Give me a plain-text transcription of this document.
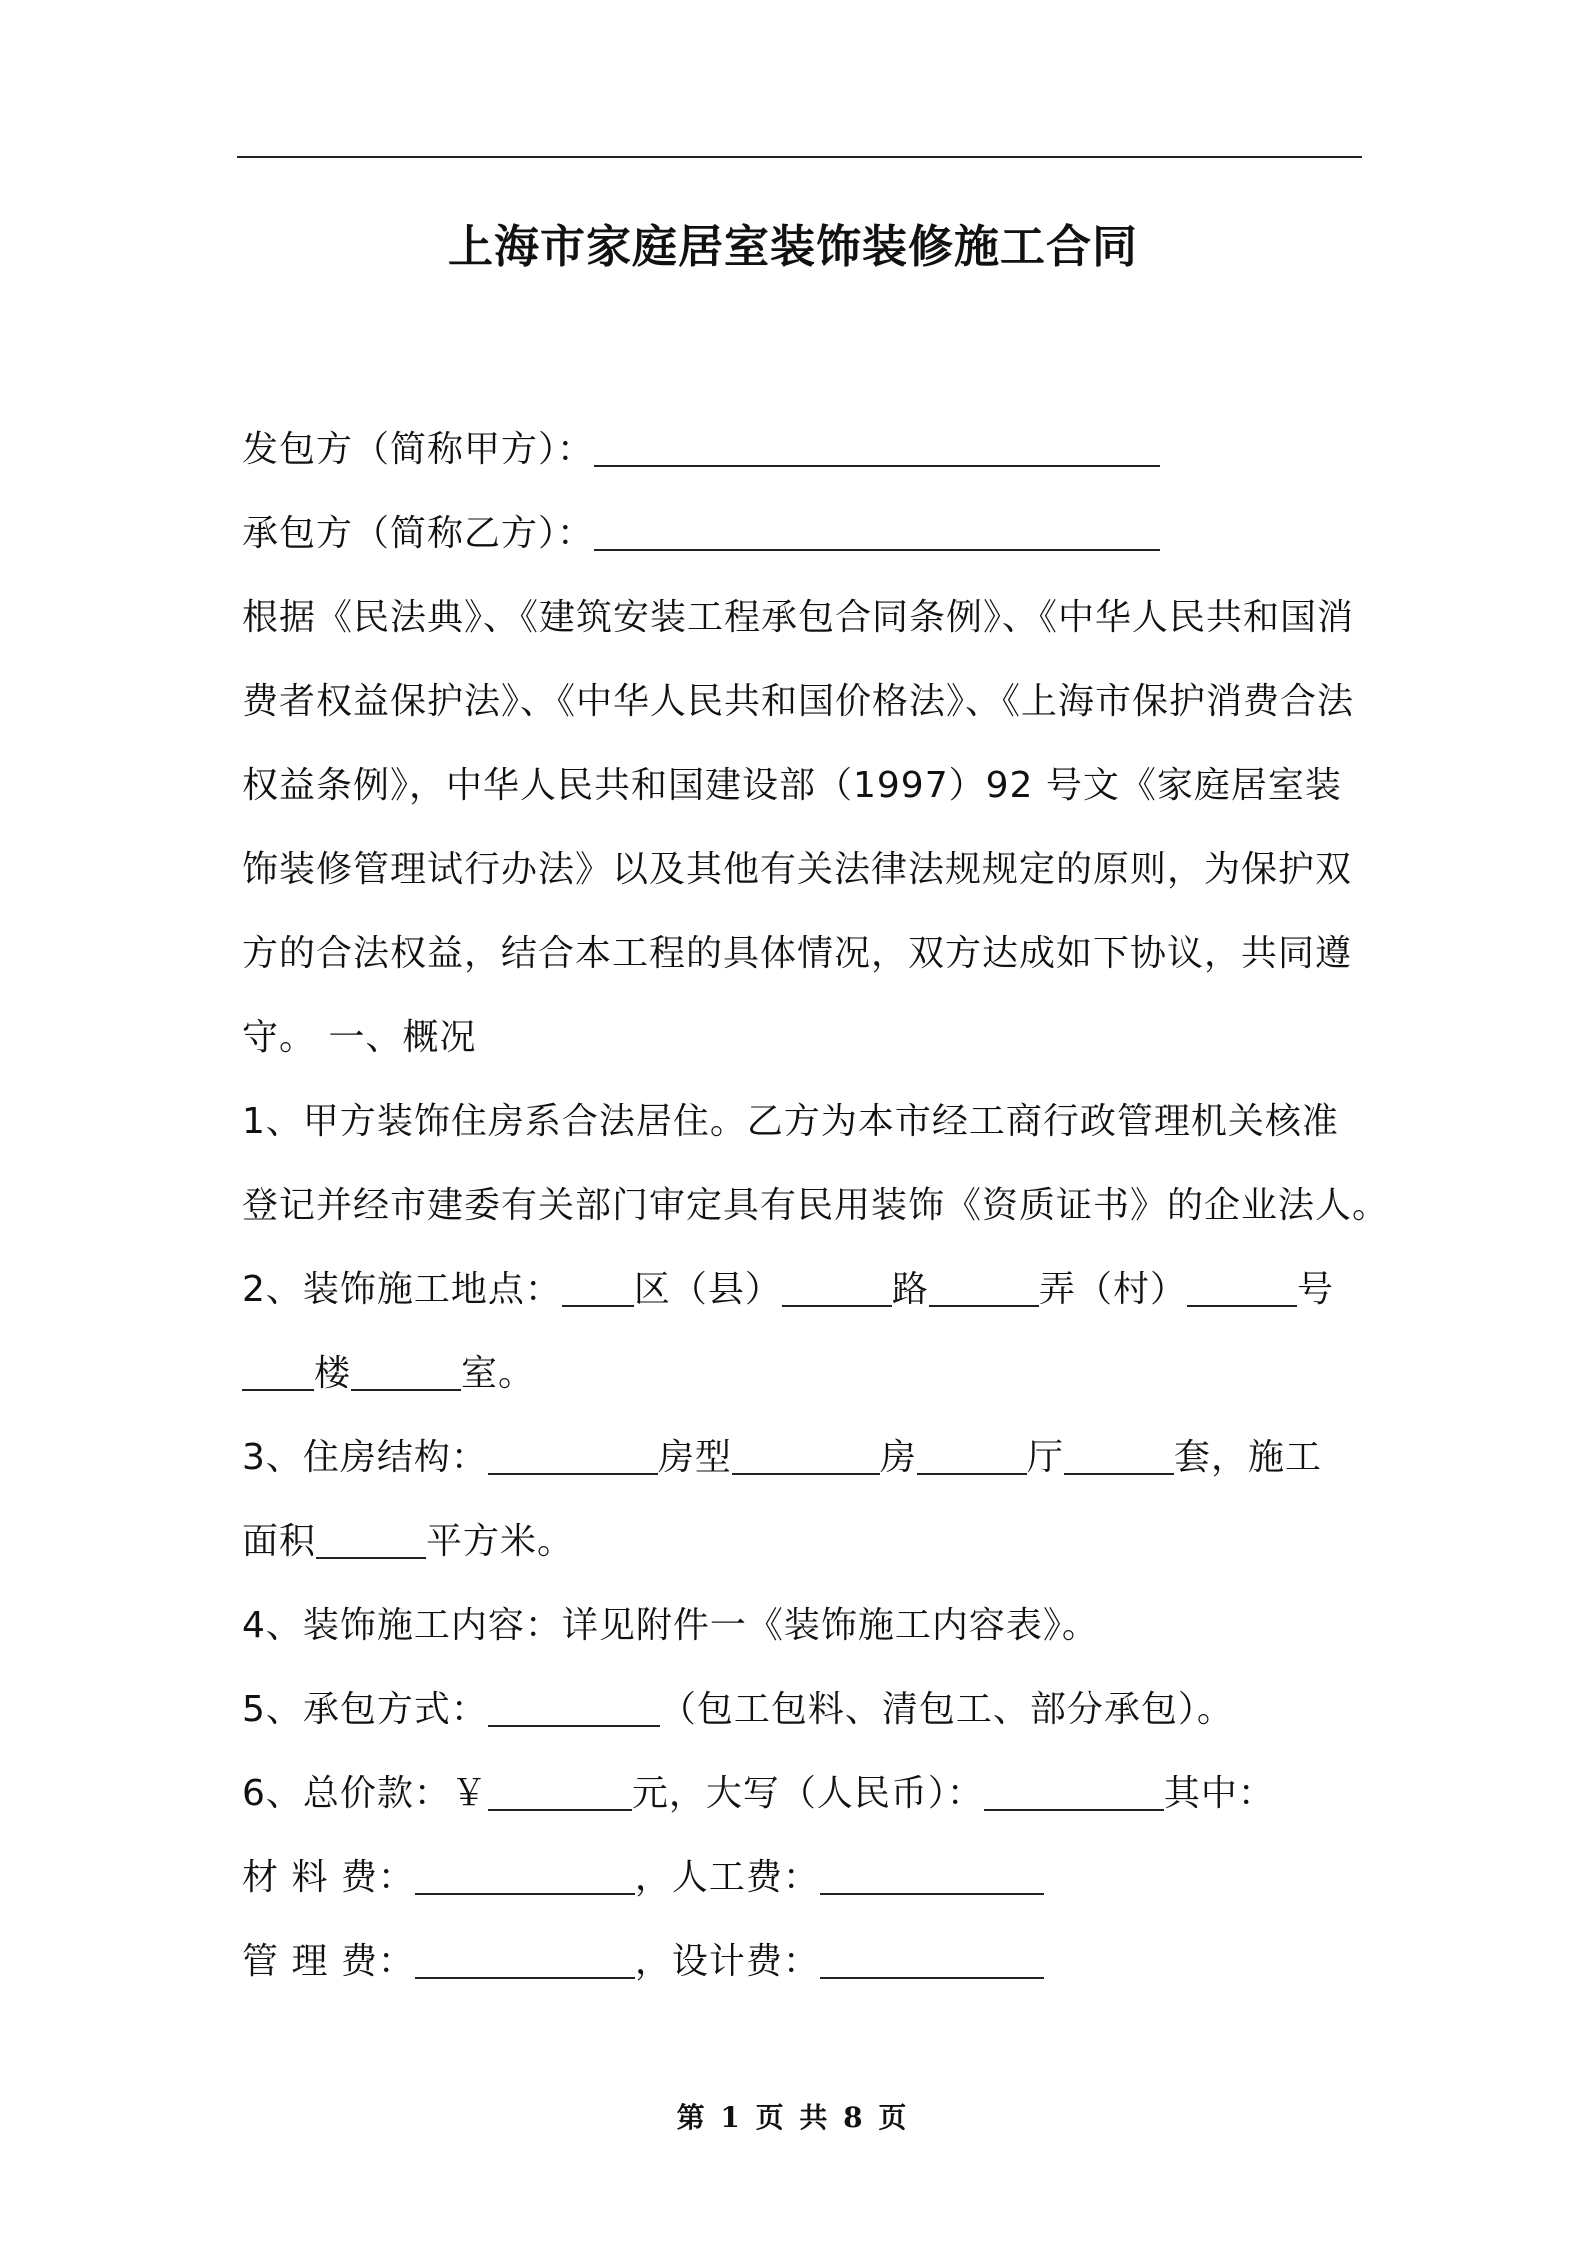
上海市家庭居室装饰装修施工合同
发包方（简称甲方）：
承包方（简称乙方）：
根据《民法典》、《建筑安装工程承包合同条例》、《中华人民共和国消
费者权益保护法》、《中华人民共和国价格法》、《上海市保护消费合法
权益条例》，中华人民共和国建设部（1997）92 号文《家庭居室装
饰装修管理试行办法》以及其他有关法律法规规定的原则，为保护双
方的合法权益，结合本工程的具体情况，双方达成如下协议，共同遵
守。 一、概况
1、甲方装饰住房系合法居住。乙方为本市经工商行政管理机关核准
登记并经市建委有关部门审定具有民用装饰《资质证书》的企业法人。
2、装饰施工地点： 区（县）	路	弄（村）	号
楼	室。
3、住房结构：	房型	房	厅	套，施工
面积	平方米。
4、装饰施工内容：详见附件一《装饰施工内容表》。
5、承包方式：	（包工包料、清包工、部分承包）。
6、总价款：￥	元，大写（人民币）：	其中：
材 料 费：	，人工费：
管 理 费：	，设计费：
第 1 页 共 8 页
